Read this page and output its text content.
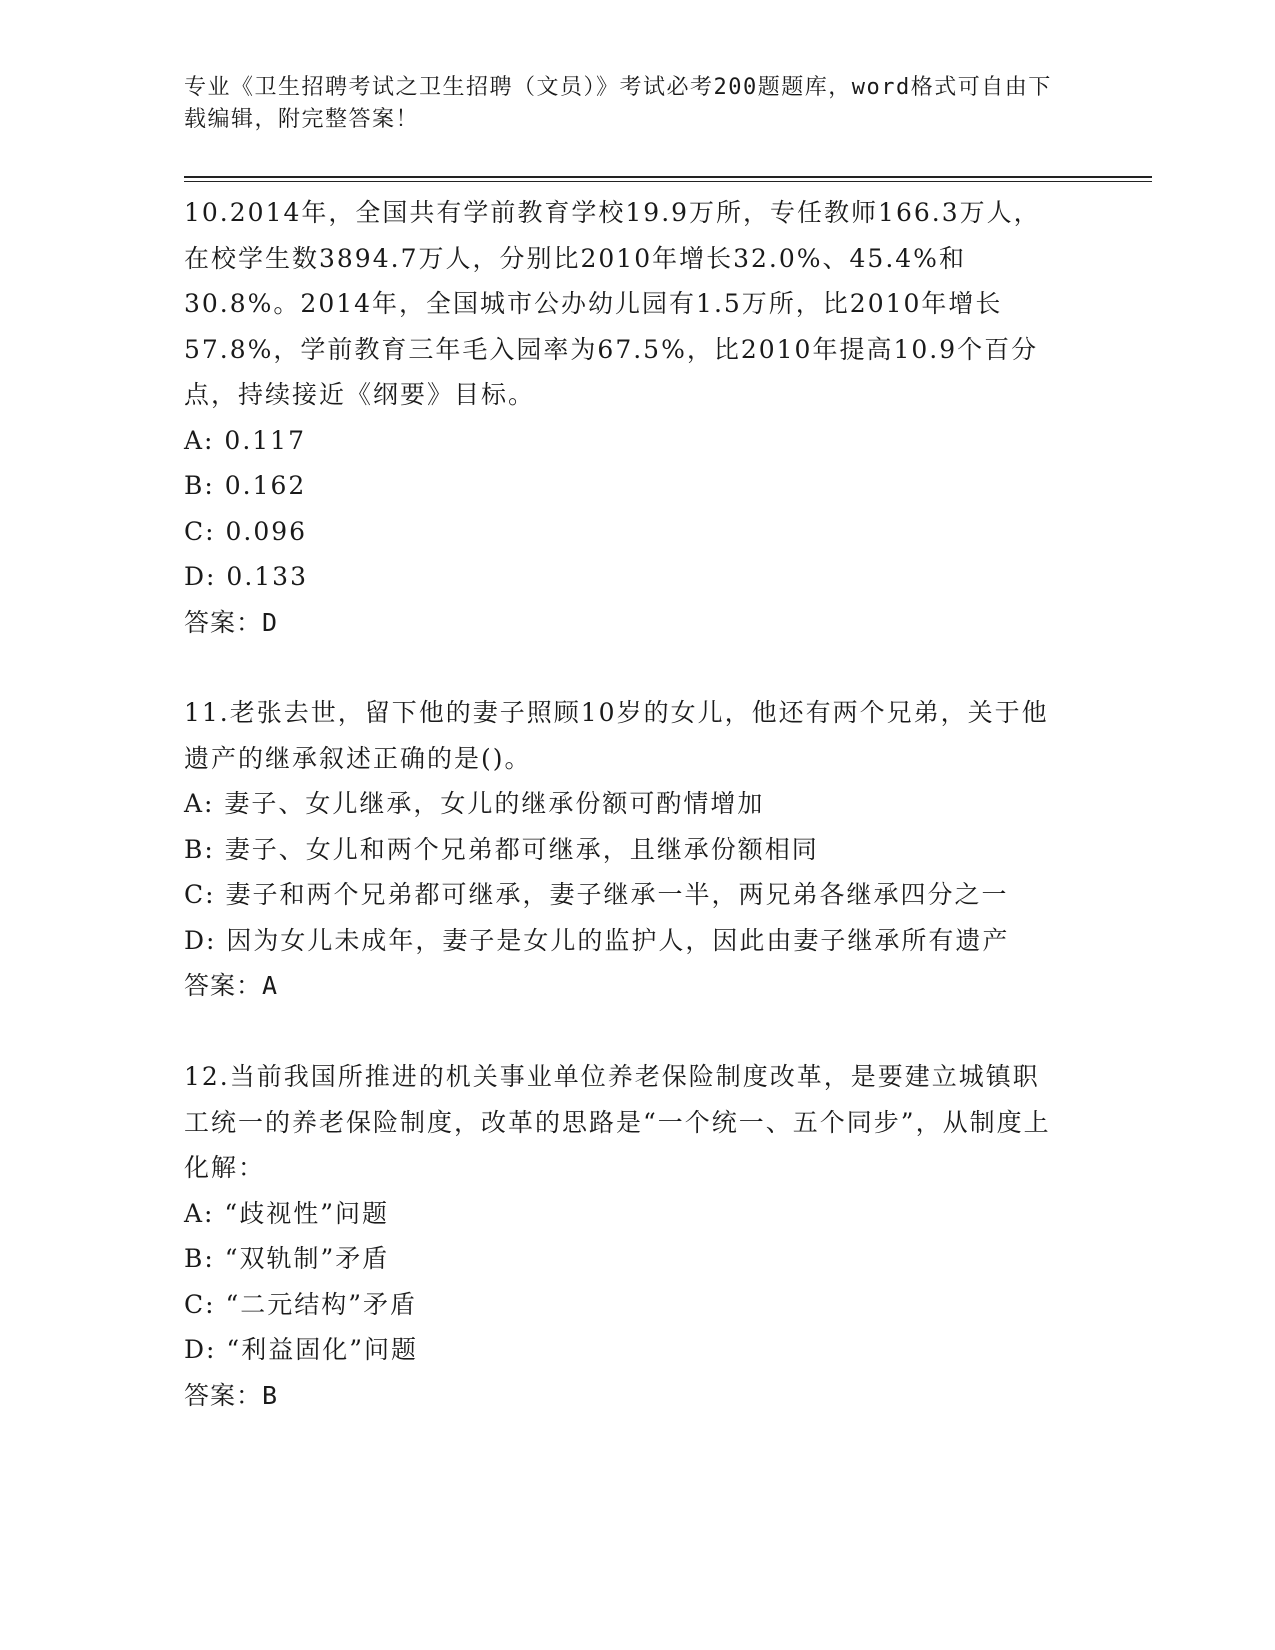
专业《卫生招聘考试之卫生招聘（文员）》考试必考200题题库，word格式可自由下载编辑，附完整答案！

10.2014年，全国共有学前教育学校19.9万所，专任教师166.3万人，在校学生数3894.7万人，分别比2010年增长32.0%、45.4%和30.8%。2014年，全国城市公办幼儿园有1.5万所，比2010年增长57.8%，学前教育三年毛入园率为67.5%，比2010年提高10.9个百分点，持续接近《纲要》目标。

A: 0.117

B: 0.162

C: 0.096

D: 0.133

答案：D

11.老张去世，留下他的妻子照顾10岁的女儿，他还有两个兄弟，关于他遗产的继承叙述正确的是()。

A: 妻子、女儿继承，女儿的继承份额可酌情增加

B: 妻子、女儿和两个兄弟都可继承，且继承份额相同

C: 妻子和两个兄弟都可继承，妻子继承一半，两兄弟各继承四分之一

D: 因为女儿未成年，妻子是女儿的监护人，因此由妻子继承所有遗产

答案：A

12.当前我国所推进的机关事业单位养老保险制度改革，是要建立城镇职工统一的养老保险制度，改革的思路是“一个统一、五个同步”，从制度上化解：

A: “歧视性”问题

B: “双轨制”矛盾

C: “二元结构”矛盾

D: “利益固化”问题

答案：B
